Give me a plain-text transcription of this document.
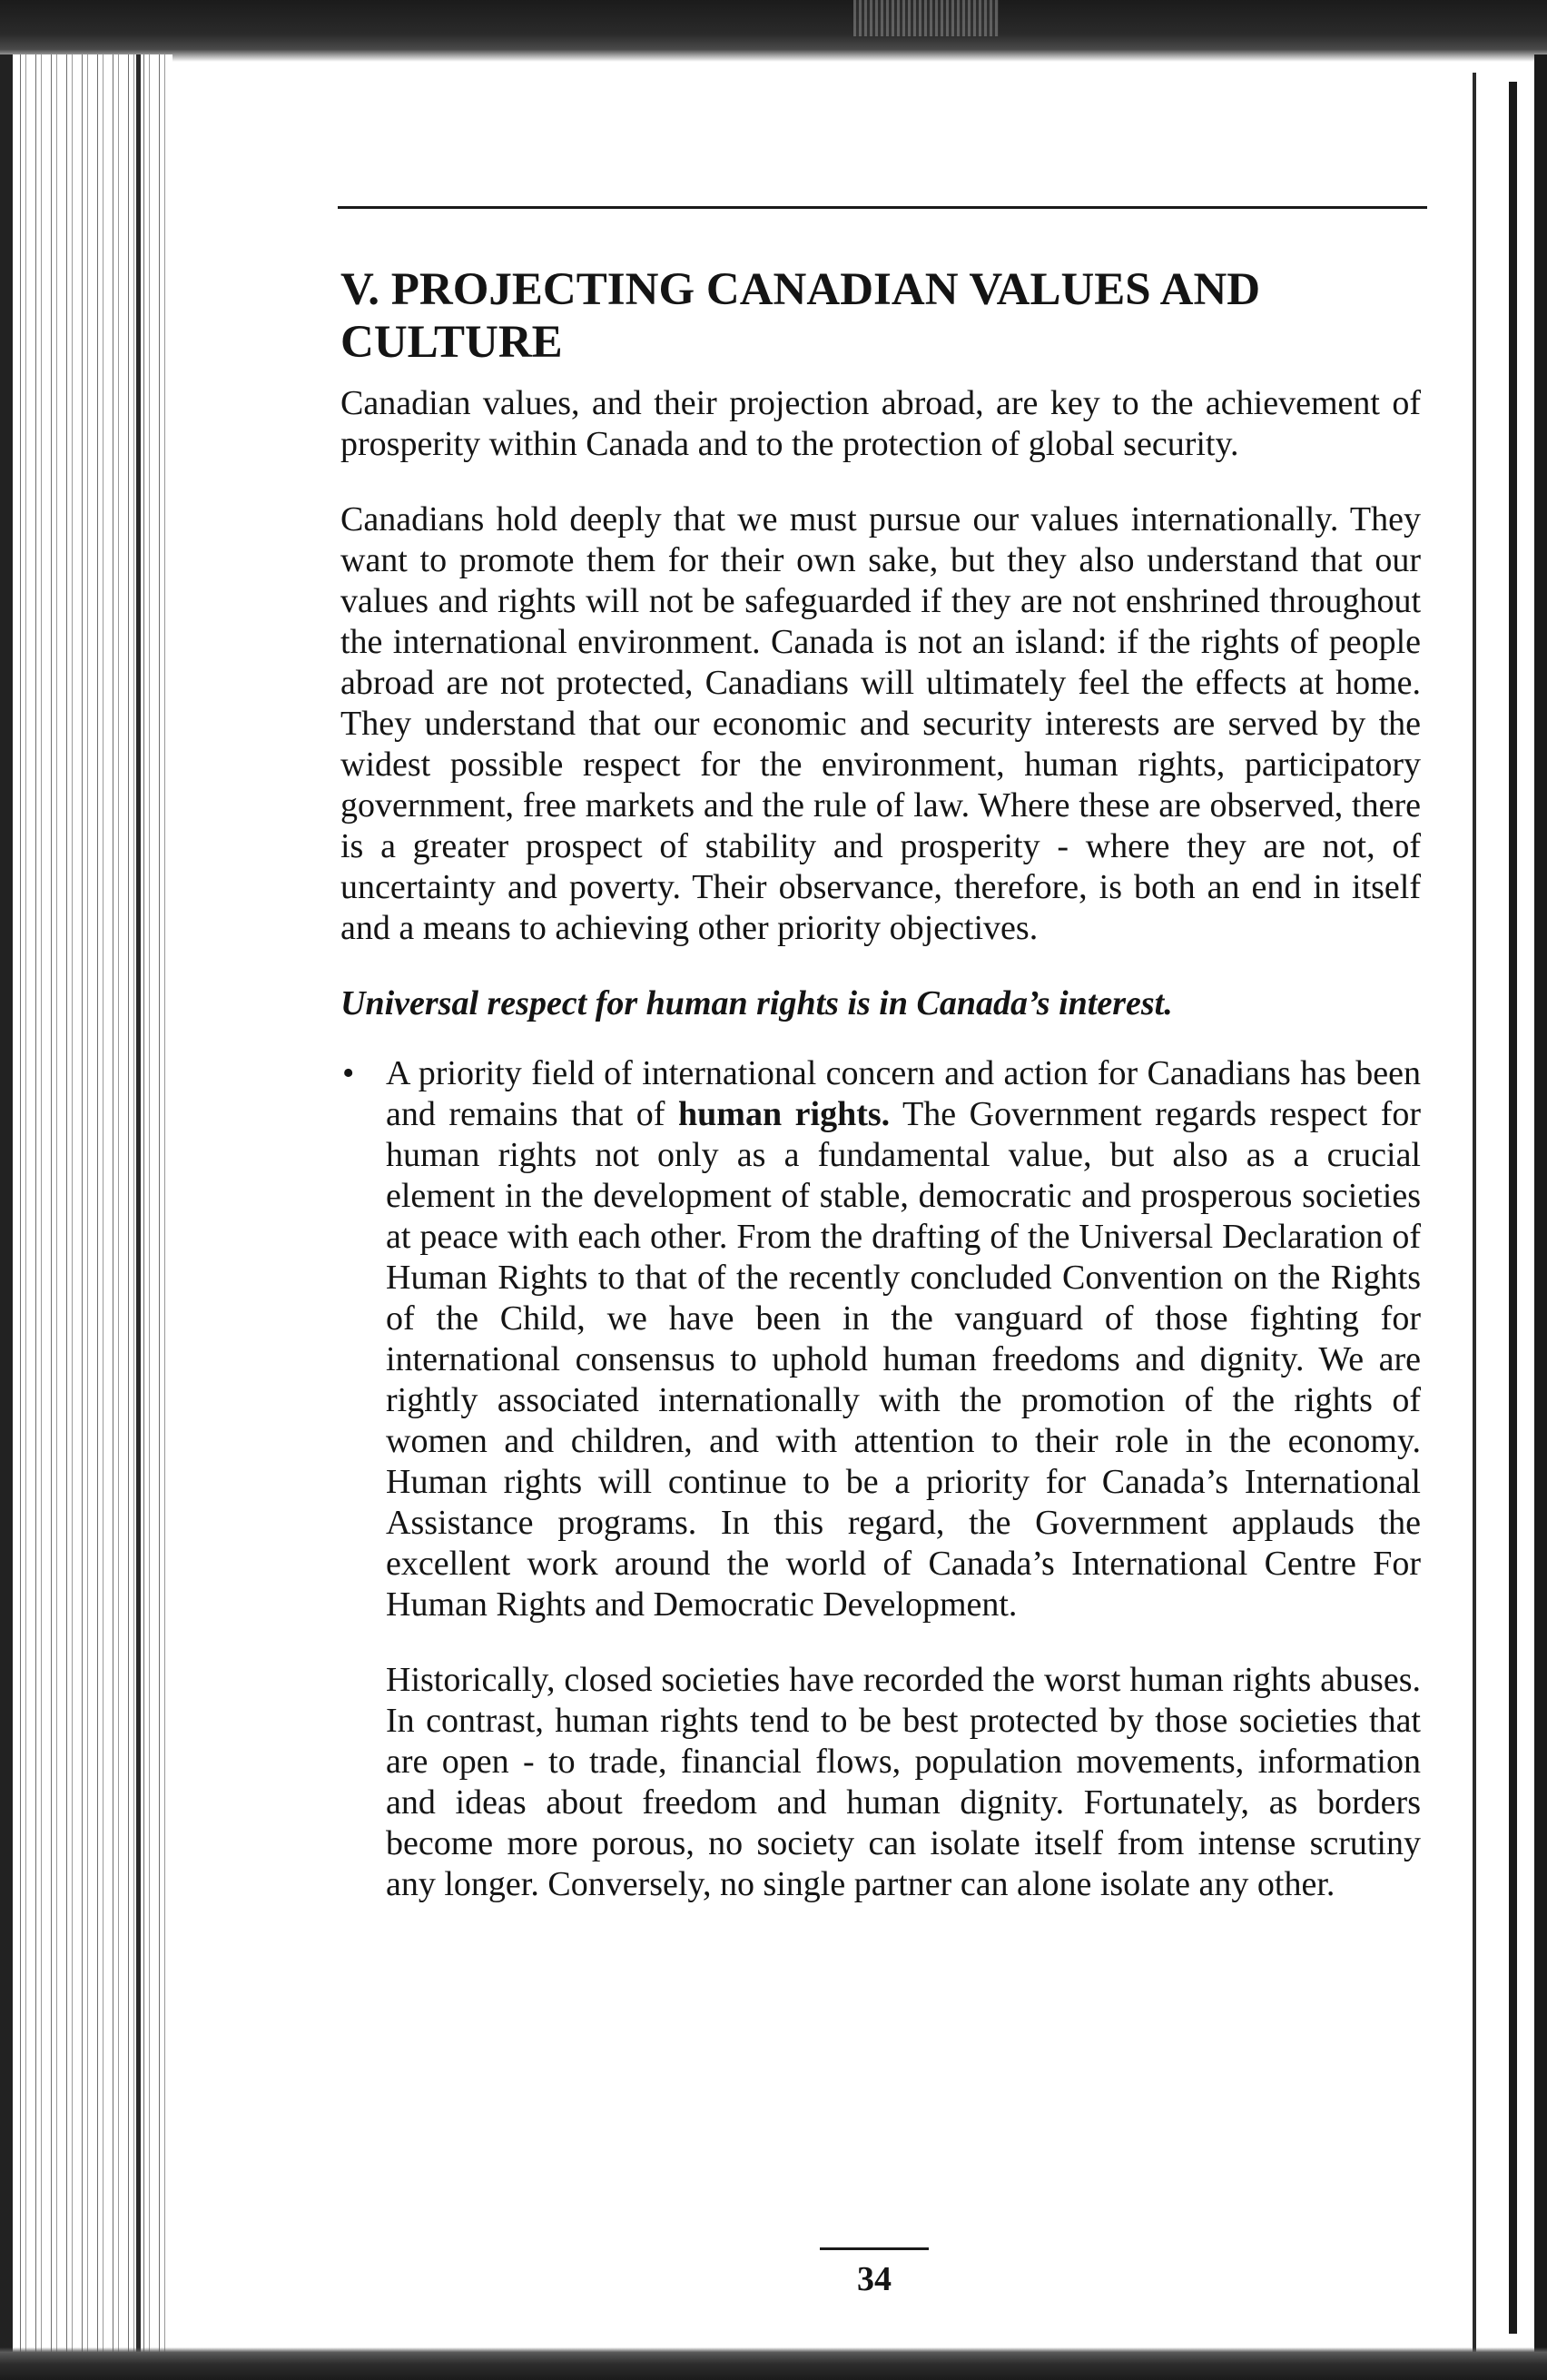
V. PROJECTING CANADIAN VALUES AND CULTURE

Canadian values, and their projection abroad, are key to the achievement of prosperity within Canada and to the protection of global security.

Canadians hold deeply that we must pursue our values internationally. They want to promote them for their own sake, but they also understand that our values and rights will not be safeguarded if they are not enshrined throughout the international environment. Canada is not an island: if the rights of people abroad are not protected, Canadians will ultimately feel the effects at home. They understand that our economic and security interests are served by the widest possible respect for the environment, human rights, participatory government, free markets and the rule of law. Where these are observed, there is a greater prospect of stability and prosperity - where they are not, of uncertainty and poverty. Their observance, therefore, is both an end in itself and a means to achieving other priority objectives.

Universal respect for human rights is in Canada’s interest.

• A priority field of international concern and action for Canadians has been and remains that of human rights. The Government regards respect for human rights not only as a fundamental value, but also as a crucial element in the development of stable, democratic and prosperous societies at peace with each other. From the drafting of the Universal Declaration of Human Rights to that of the recently concluded Convention on the Rights of the Child, we have been in the vanguard of those fighting for international consensus to uphold human freedoms and dignity. We are rightly associated internationally with the promotion of the rights of women and children, and with attention to their role in the economy. Human rights will continue to be a priority for Canada’s International Assistance programs. In this regard, the Government applauds the excellent work around the world of Canada’s International Centre For Human Rights and Democratic Development.

Historically, closed societies have recorded the worst human rights abuses. In contrast, human rights tend to be best protected by those societies that are open - to trade, financial flows, population movements, information and ideas about freedom and human dignity. Fortunately, as borders become more porous, no society can isolate itself from intense scrutiny any longer. Conversely, no single partner can alone isolate any other.

34
